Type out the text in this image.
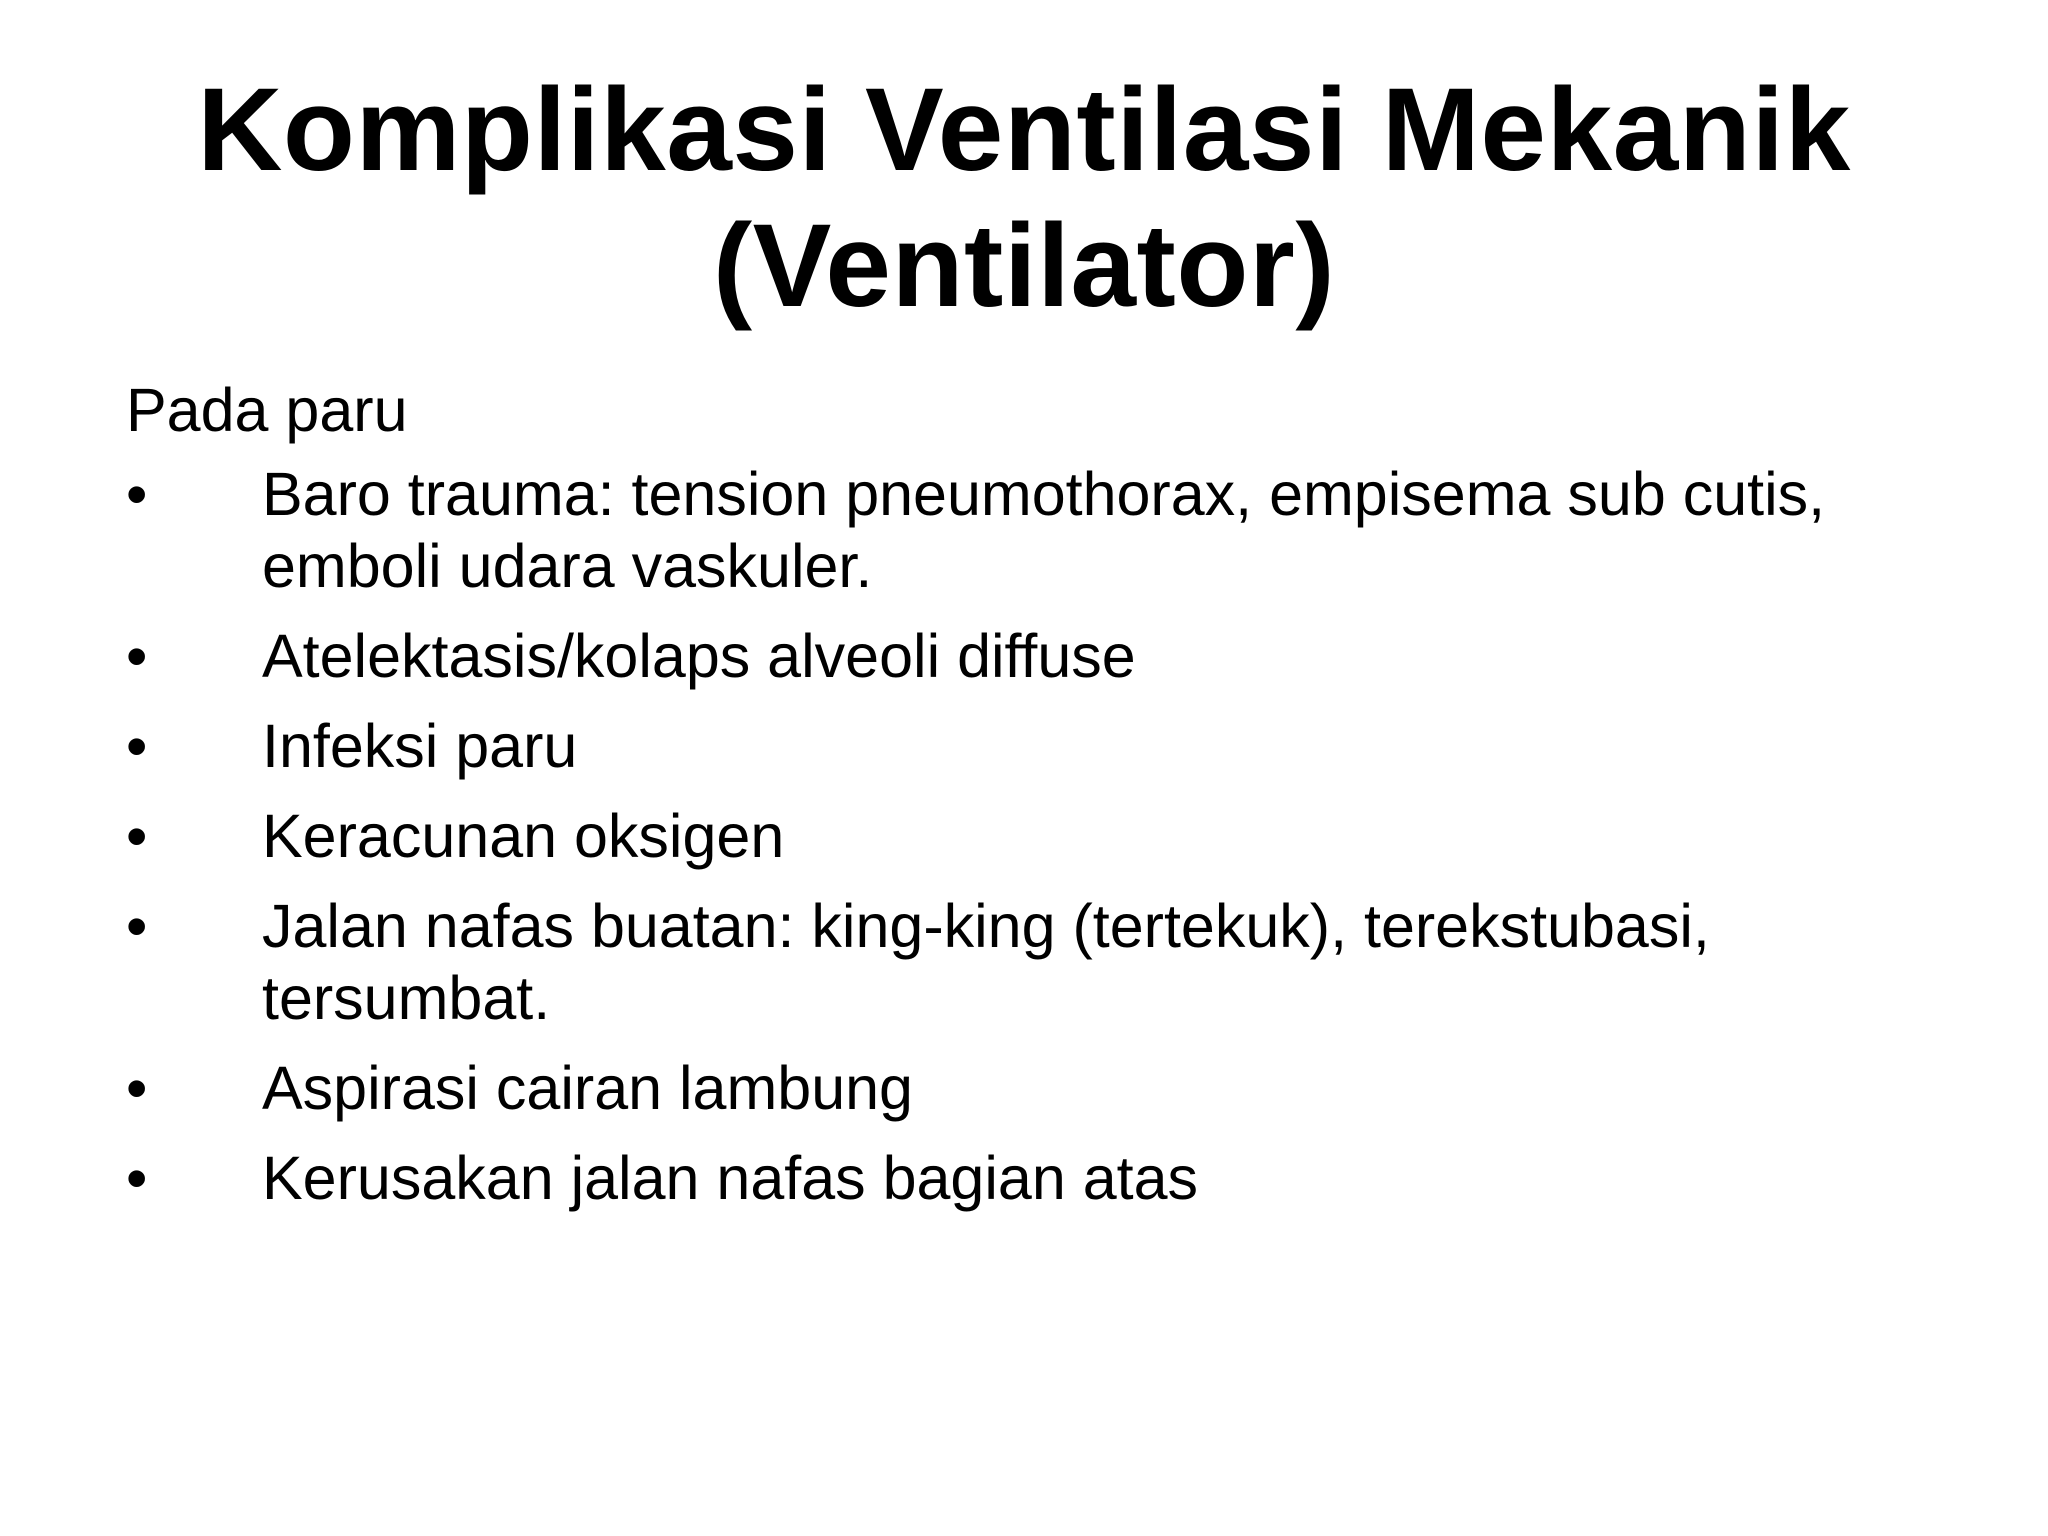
Komplikasi Ventilasi Mekanik
(Ventilator)

Pada paru

•	Baro trauma: tension pneumothorax, empisema sub cutis, emboli udara vaskuler.
•	Atelektasis/kolaps alveoli diffuse
•	Infeksi paru
•	Keracunan oksigen
•	Jalan nafas buatan: king-king (tertekuk), terekstubasi, tersumbat.
•	Aspirasi cairan lambung
•	Kerusakan jalan nafas bagian atas
